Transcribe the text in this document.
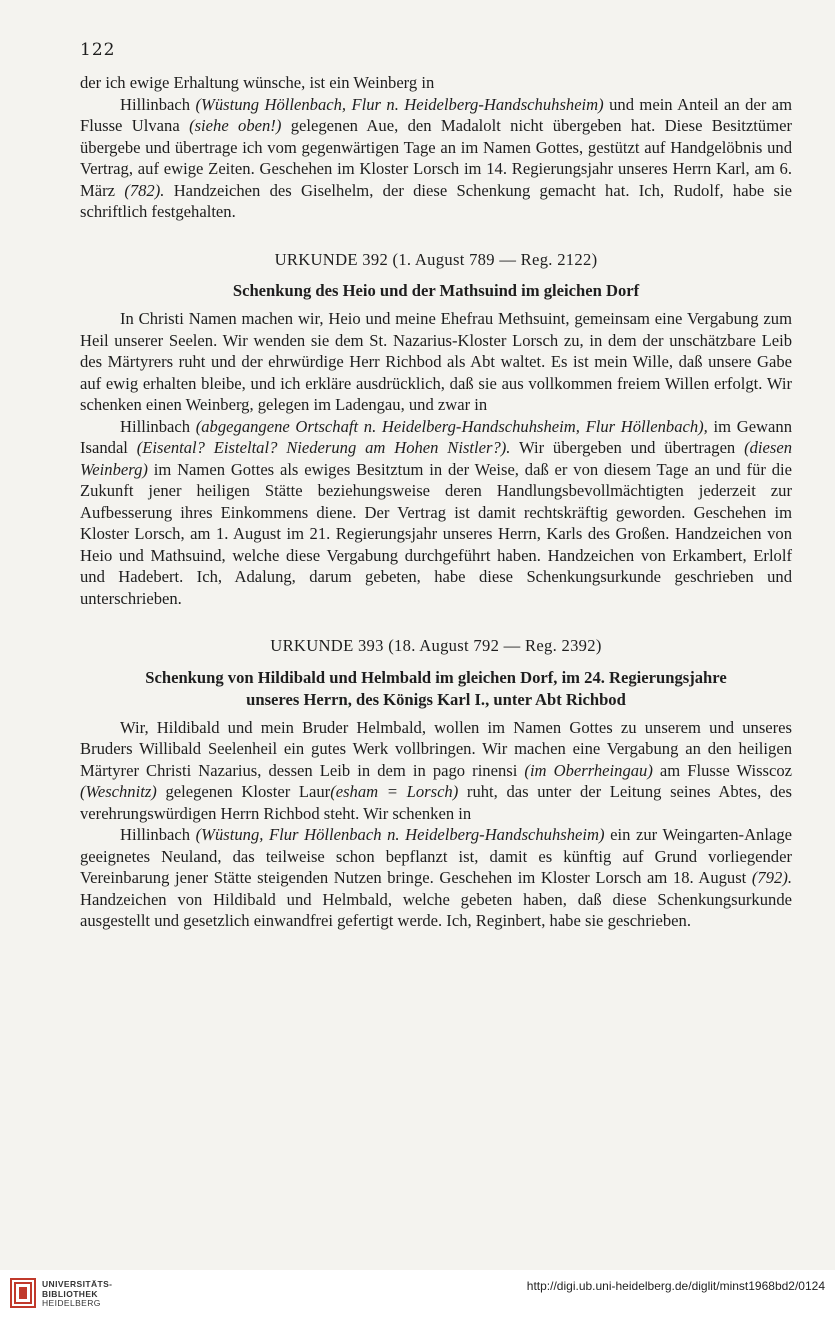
122

der ich ewige Erhaltung wünsche, ist ein Weinberg in

Hillinbach (Wüstung Höllenbach, Flur n. Heidelberg-Handschuhsheim) und mein Anteil an der am Flusse Ulvana (siehe oben!) gelegenen Aue, den Madalolt nicht übergeben hat. Diese Besitztümer übergebe und übertrage ich vom gegenwärtigen Tage an im Namen Gottes, gestützt auf Handgelöbnis und Vertrag, auf ewige Zeiten. Geschehen im Kloster Lorsch im 14. Regierungsjahr unseres Herrn Karl, am 6. März (782). Handzeichen des Giselhelm, der diese Schenkung gemacht hat. Ich, Rudolf, habe sie schriftlich festgehalten.

URKUNDE 392 (1. August 789 — Reg. 2122)

Schenkung des Heio und der Mathsuind im gleichen Dorf

In Christi Namen machen wir, Heio und meine Ehefrau Methsuint, gemeinsam eine Vergabung zum Heil unserer Seelen. Wir wenden sie dem St. Nazarius-Kloster Lorsch zu, in dem der unschätzbare Leib des Märtyrers ruht und der ehrwürdige Herr Richbod als Abt waltet. Es ist mein Wille, daß unsere Gabe auf ewig erhalten bleibe, und ich erkläre ausdrücklich, daß sie aus vollkommen freiem Willen erfolgt. Wir schenken einen Weinberg, gelegen im Ladengau, und zwar in

Hillinbach (abgegangene Ortschaft n. Heidelberg-Handschuhsheim, Flur Höllenbach), im Gewann Isandal (Eisental? Eisteltal? Niederung am Hohen Nistler?). Wir übergeben und übertragen (diesen Weinberg) im Namen Gottes als ewiges Besitztum in der Weise, daß er von diesem Tage an und für die Zukunft jener heiligen Stätte beziehungsweise deren Handlungsbevollmächtigten jederzeit zur Aufbesserung ihres Einkommens diene. Der Vertrag ist damit rechtskräftig geworden. Geschehen im Kloster Lorsch, am 1. August im 21. Regierungsjahr unseres Herrn, Karls des Großen. Handzeichen von Heio und Mathsuind, welche diese Vergabung durchgeführt haben. Handzeichen von Erkambert, Erlolf und Hadebert. Ich, Adalung, darum gebeten, habe diese Schenkungsurkunde geschrieben und unterschrieben.

URKUNDE 393 (18. August 792 — Reg. 2392)

Schenkung von Hildibald und Helmbald im gleichen Dorf, im 24. Regierungsjahre
unseres Herrn, des Königs Karl I., unter Abt Richbod

Wir, Hildibald und mein Bruder Helmbald, wollen im Namen Gottes zu unserem und unseres Bruders Willibald Seelenheil ein gutes Werk vollbringen. Wir machen eine Vergabung an den heiligen Märtyrer Christi Nazarius, dessen Leib in dem in pago rinensi (im Oberrheingau) am Flusse Wisscoz (Weschnitz) gelegenen Kloster Laur(esham = Lorsch) ruht, das unter der Leitung seines Abtes, des verehrungswürdigen Herrn Richbod steht. Wir schenken in

Hillinbach (Wüstung, Flur Höllenbach n. Heidelberg-Handschuhsheim) ein zur Weingarten-Anlage geeignetes Neuland, das teilweise schon bepflanzt ist, damit es künftig auf Grund vorliegender Vereinbarung jener Stätte steigenden Nutzen bringe. Geschehen im Kloster Lorsch am 18. August (792). Handzeichen von Hildibald und Helmbald, welche gebeten haben, daß diese Schenkungsurkunde ausgestellt und gesetzlich einwandfrei gefertigt werde. Ich, Reginbert, habe sie geschrieben.

UNIVERSITÄTS-
BIBLIOTHEK
HEIDELBERG
http://digi.ub.uni-heidelberg.de/diglit/minst1968bd2/0124
